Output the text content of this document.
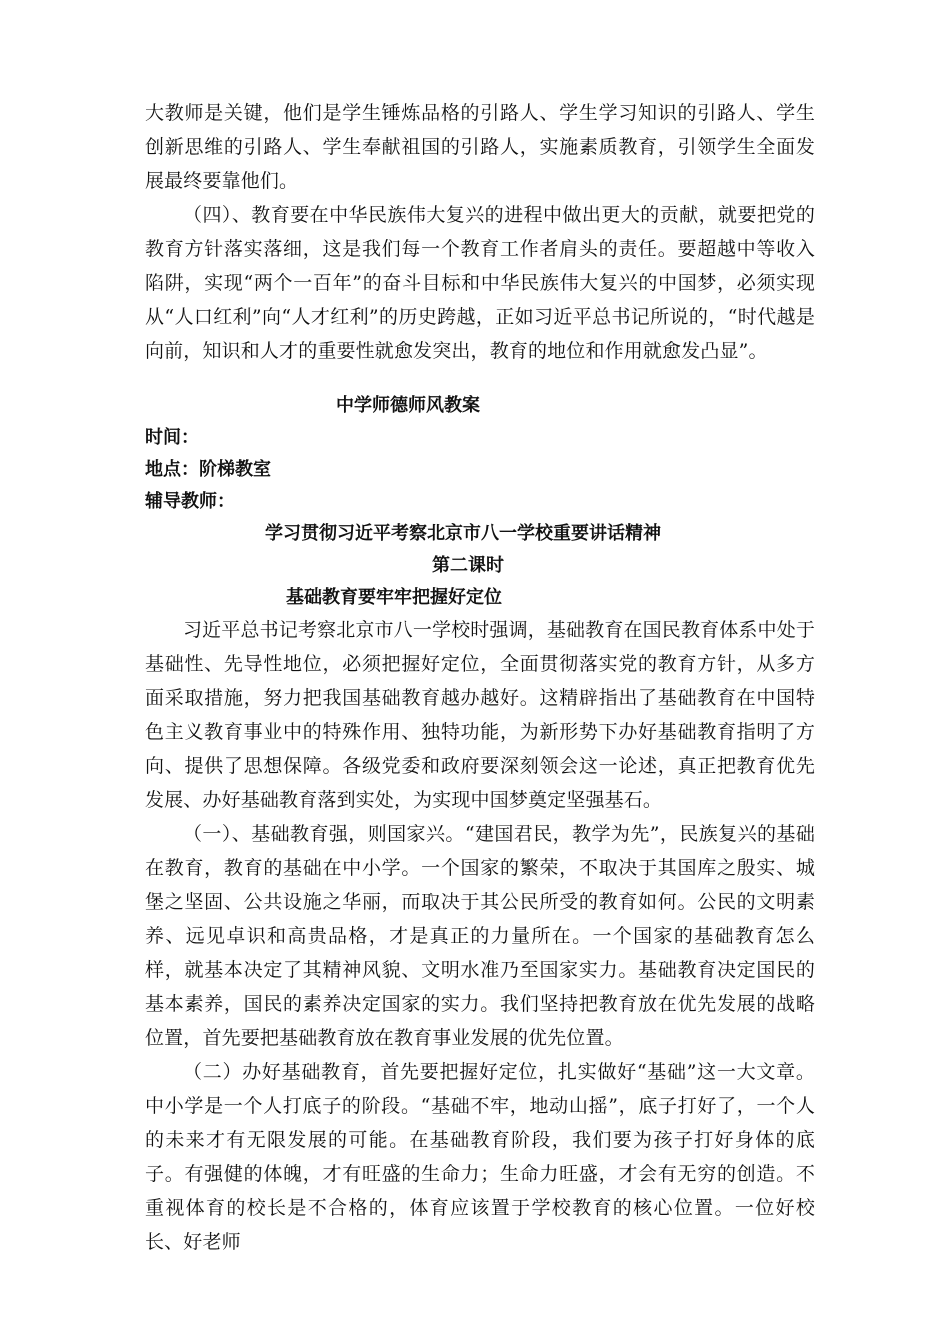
大教师是关键，他们是学生锤炼品格的引路人、学生学习知识的引路人、学生创新思维的引路人、学生奉献祖国的引路人，实施素质教育，引领学生全面发展最终要靠他们。

（四）、教育要在中华民族伟大复兴的进程中做出更大的贡献，就要把党的教育方针落实落细，这是我们每一个教育工作者肩头的责任。要超越中等收入陷阱，实现“两个一百年”的奋斗目标和中华民族伟大复兴的中国梦，必须实现从“人口红利”向“人才红利”的历史跨越，正如习近平总书记所说的，“时代越是向前，知识和人才的重要性就愈发突出，教育的地位和作用就愈发凸显”。

中学师德师风教案
时间：
地点：阶梯教室
辅导教师：
学习贯彻习近平考察北京市八一学校重要讲话精神
第二课时
基础教育要牢牢把握好定位

习近平总书记考察北京市八一学校时强调，基础教育在国民教育体系中处于基础性、先导性地位，必须把握好定位，全面贯彻落实党的教育方针，从多方面采取措施，努力把我国基础教育越办越好。这精辟指出了基础教育在中国特色主义教育事业中的特殊作用、独特功能，为新形势下办好基础教育指明了方向、提供了思想保障。各级党委和政府要深刻领会这一论述，真正把教育优先发展、办好基础教育落到实处，为实现中国梦奠定坚强基石。

（一）、基础教育强，则国家兴。“建国君民，教学为先”，民族复兴的基础在教育，教育的基础在中小学。一个国家的繁荣，不取决于其国库之殷实、城堡之坚固、公共设施之华丽，而取决于其公民所受的教育如何。公民的文明素养、远见卓识和高贵品格，才是真正的力量所在。一个国家的基础教育怎么样，就基本决定了其精神风貌、文明水准乃至国家实力。基础教育决定国民的基本素养，国民的素养决定国家的实力。我们坚持把教育放在优先发展的战略位置，首先要把基础教育放在教育事业发展的优先位置。

（二）办好基础教育，首先要把握好定位，扎实做好“基础”这一大文章。中小学是一个人打底子的阶段。“基础不牢，地动山摇”，底子打好了，一个人的未来才有无限发展的可能。在基础教育阶段，我们要为孩子打好身体的底子。有强健的体魄，才有旺盛的生命力；生命力旺盛，才会有无穷的创造。不重视体育的校长是不合格的，体育应该置于学校教育的核心位置。一位好校长、好老师
